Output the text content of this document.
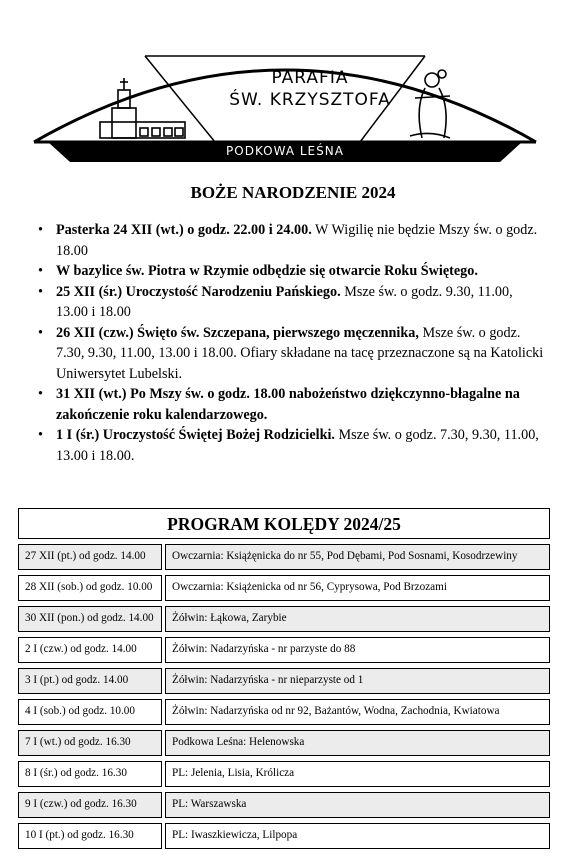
PARAFIA
ŚW. KRZYSZTOFA
PODKOWA LEŚNA
BOŻE NARODZENIE 2024
• Pasterka 24 XII (wt.) o godz. 22.00 i 24.00. W Wigilię nie będzie Mszy św. o godz. 18.00
• W bazylice św. Piotra w Rzymie odbędzie się otwarcie Roku Świętego.
• 25 XII (śr.) Uroczystość Narodzeniu Pańskiego. Msze św. o godz. 9.30, 11.00, 13.00 i 18.00
• 26 XII (czw.) Święto św. Szczepana, pierwszego męczennika, Msze św. o godz. 7.30, 9.30, 11.00, 13.00 i 18.00. Ofiary składane na tacę przeznaczone są na Katolicki Uniwersytet Lubelski.
• 31 XII (wt.) Po Mszy św. o godz. 18.00 nabożeństwo dziękczynno-błagalne na zakończenie roku kalendarzowego.
• 1 I (śr.) Uroczystość Świętej Bożej Rodzicielki. Msze św. o godz. 7.30, 9.30, 11.00, 13.00 i 18.00.
PROGRAM KOLĘDY 2024/25
27 XII (pt.) od godz. 14.00	Owczarnia: Książęnicka do nr 55, Pod Dębami, Pod Sosnami, Kosodrzewiny
28 XII (sob.) od godz. 10.00	Owczarnia: Książenicka od nr 56, Cyprysowa, Pod Brzozami
30 XII (pon.) od godz. 14.00	Żółwin: Łąkowa, Zarybie
2 I (czw.) od godz. 14.00	Żółwin: Nadarzyńska - nr parzyste do 88
3 I (pt.) od godz. 14.00	Żółwin: Nadarzyńska - nr nieparzyste od 1
4 I (sob.) od godz. 10.00	Żółwin: Nadarzyńska od nr 92, Bażantów, Wodna, Zachodnia, Kwiatowa
7 I (wt.) od godz. 16.30	Podkowa Leśna: Helenowska
8 I (śr.) od godz. 16.30	PL: Jelenia, Lisia, Królicza
9 I (czw.) od godz. 16.30	PL: Warszawska
10 I (pt.) od godz. 16.30	PL: Iwaszkiewicza, Lilpopa
